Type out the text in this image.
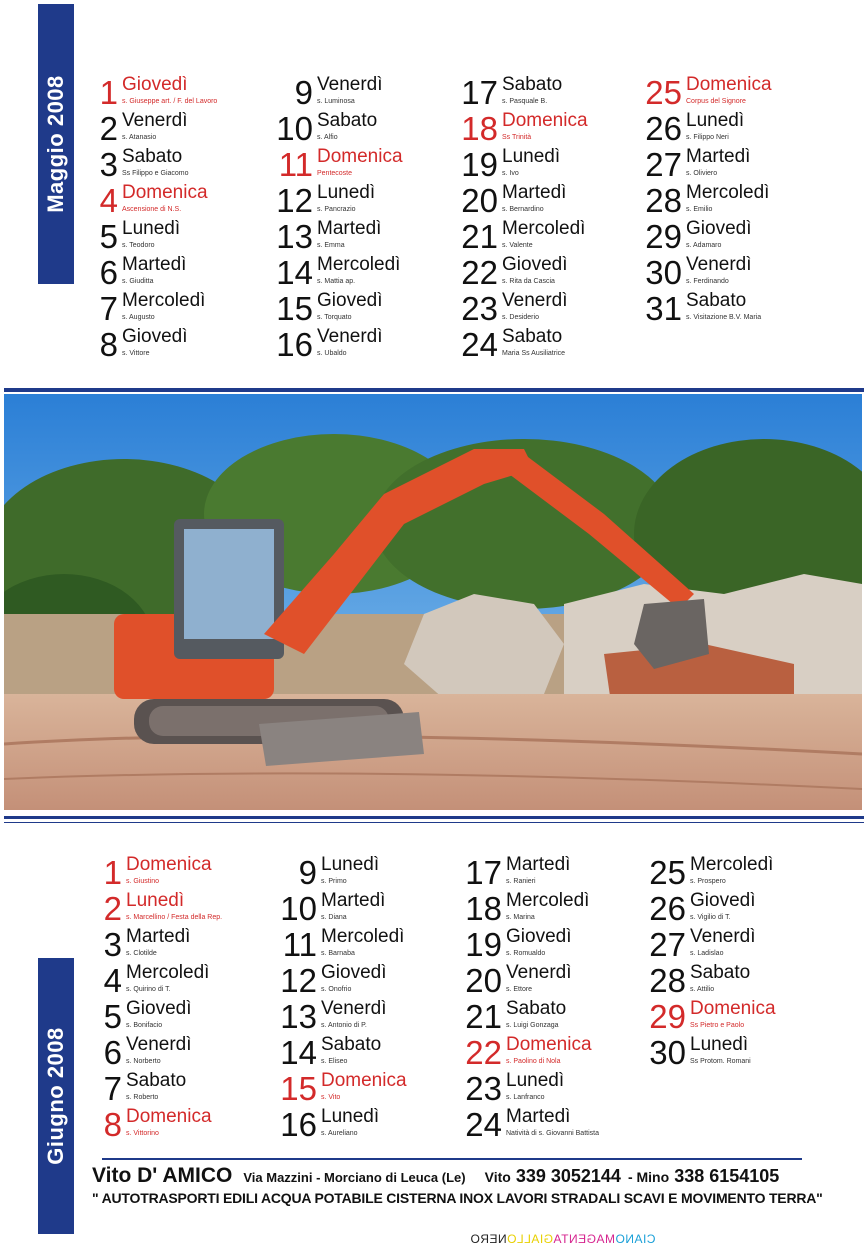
Maggio 2008 1 Giovedì
s. Giuseppe art. / F. del Lavoro
2 Venerdì
s. Atanasio
3 Sabato
Ss Filippo e Giacomo
4 Domenica
Ascensione di N.S.
5 Lunedì
s. Teodoro
6 Martedì
s. Giuditta
7 Mercoledì
s. Augusto
8 Giovedì
s. Vittore
9 Venerdì
s. Luminosa
10 Sabato
s. Alfio
11 Domenica
Pentecoste
12 Lunedì
s. Pancrazio
13 Martedì
s. Emma
14 Mercoledì
s. Mattia ap.
15 Giovedì
s. Torquato
16 Venerdì
s. Ubaldo
17 Sabato
s. Pasquale B.
18 Domenica
Ss Trinità
19 Lunedì
s. Ivo
20 Martedì
s. Bernardino
21 Mercoledì
s. Valente
22 Giovedì
s. Rita da Cascia
23 Venerdì
s. Desiderio
24 Sabato
Maria Ss Ausiliatrice
25 Domenica
Corpus del Signore
26 Lunedì
s. Filippo Neri
27 Martedì
s. Oliviero
28 Mercoledì
s. Emilio
29 Giovedì
s. Adamaro
30 Venerdì
s. Ferdinando
31 Sabato
s. Visitazione B.V. Maria
1 Domenica
s. Giustino
2 Lunedì
s. Marcellino / Festa della Rep.
3 Martedì
s. Clotilde
4 Mercoledì
s. Quirino di T.
5 Giovedì
s. Bonifacio
6 Venerdì
s. Norberto
7 Sabato
s. Roberto
8 Domenica
s. Vittorino
9 Lunedì
s. Primo
10 Martedì
s. Diana
11 Mercoledì
s. Barnaba
12 Giovedì
s. Onofrio
13 Venerdì
s. Antonio di P.
14 Sabato
s. Eliseo
15 Domenica
s. Vito
16 Lunedì
s. Aureliano
17 Martedì
s. Ranieri
18 Mercoledì
s. Marina
19 Giovedì
s. Romualdo
20 Venerdì
s. Ettore
21 Sabato
s. Luigi Gonzaga
22 Domenica
s. Paolino di Nola
23 Lunedì
s. Lanfranco
24 Martedì
Natività di s. Giovanni Battista
25 Mercoledì
s. Prospero
26 Giovedì
s. Vigilio di T.
27 Venerdì
s. Ladislao
28 Sabato
s. Attilio
29 Domenica
Ss Pietro e Paolo
30 Lunedì
Ss Protom. Romani
Giugno 2008
Vito D' AMICO Via Mazzini - Morciano di Leuca (Le) Vito 339 3052144 - Mino 338 6154105
" AUTOTRASPORTI EDILI ACQUA POTABILE CISTERNA INOX LAVORI STRADALI SCAVI E MOVIMENTO TERRA"
CIANOMAGENTAGIALLONERO
